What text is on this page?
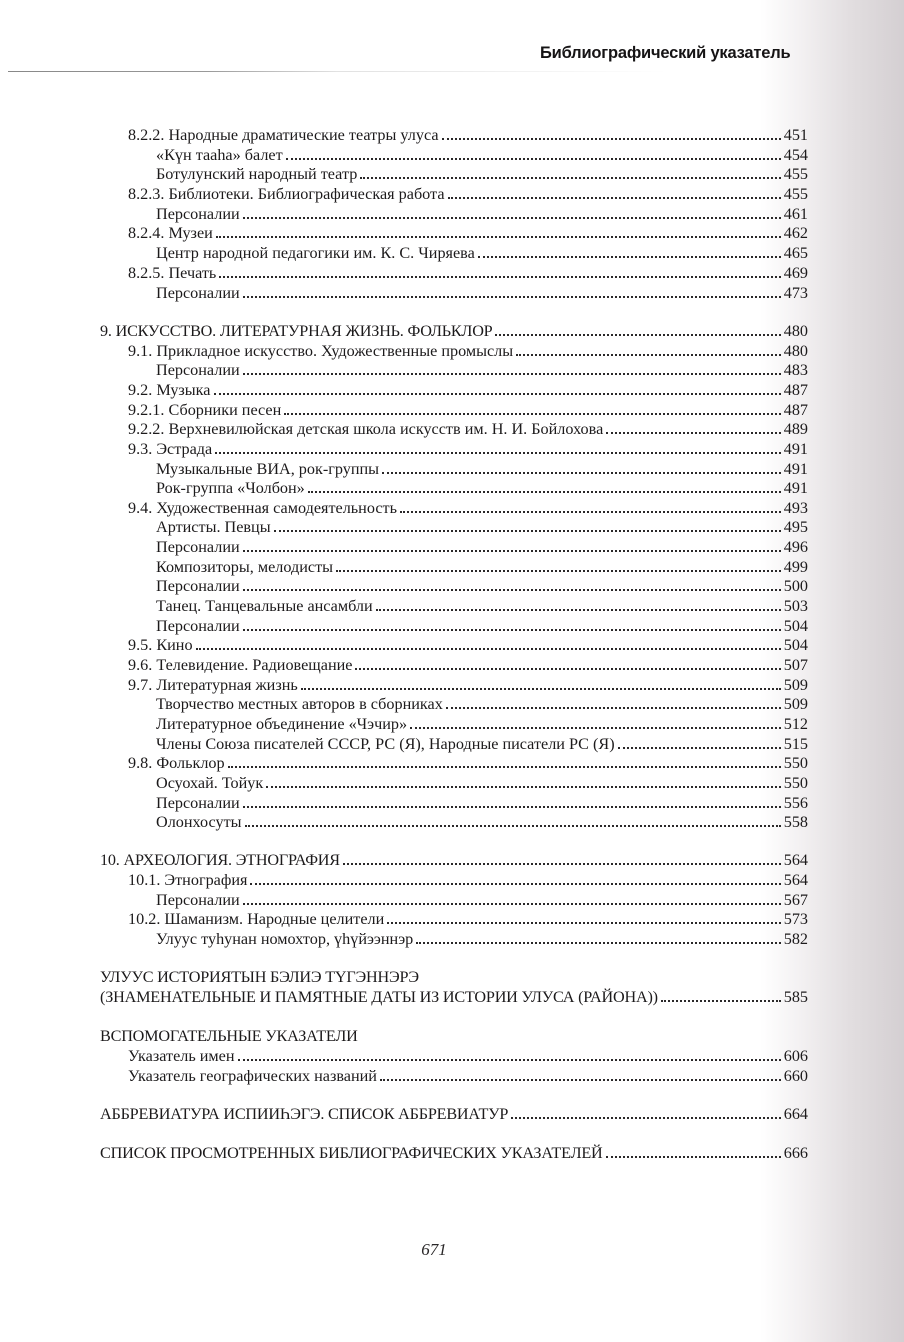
Библиографический указатель
8.2.2. Народные драматические театры улуса	451
«Күн тааһа» балет	454
Ботулунский народный театр	455
8.2.3. Библиотеки. Библиографическая работа	455
Персоналии	461
8.2.4. Музеи	462
Центр народной педагогики им. К. С. Чиряева	465
8.2.5. Печать	469
Персоналии	473
9. ИСКУССТВО. ЛИТЕРАТУРНАЯ ЖИЗНЬ. ФОЛЬКЛОР	480
9.1. Прикладное искусство. Художественные промыслы	480
Персоналии	483
9.2. Музыка	487
9.2.1. Сборники песен	487
9.2.2. Верхневилюйская детская школа искусств им. Н. И. Бойлохова	489
9.3. Эстрада	491
Музыкальные ВИА, рок-группы	491
Рок-группа «Чолбон»	491
9.4. Художественная самодеятельность	493
Артисты. Певцы	495
Персоналии	496
Композиторы, мелодисты	499
Персоналии	500
Танец. Танцевальные ансамбли	503
Персоналии	504
9.5. Кино	504
9.6. Телевидение. Радиовещание	507
9.7. Литературная жизнь	509
Творчество местных авторов в сборниках	509
Литературное объединение «Чэчир»	512
Члены Союза писателей СССР, РС (Я), Народные писатели РС (Я)	515
9.8. Фольклор	550
Осуохай. Тойук	550
Персоналии	556
Олонхосуты	558
10. АРХЕОЛОГИЯ. ЭТНОГРАФИЯ	564
10.1. Этнография	564
Персоналии	567
10.2. Шаманизм. Народные целители	573
Улуус туһунан номохтор, үһүйээннэр	582
УЛУУС ИСТОРИЯТЫН БЭЛИЭ ТҮГЭННЭРЭ
(ЗНАМЕНАТЕЛЬНЫЕ И ПАМЯТНЫЕ ДАТЫ ИЗ ИСТОРИИ УЛУСА (РАЙОНА))	585
ВСПОМОГАТЕЛЬНЫЕ УКАЗАТЕЛИ
Указатель имен	606
Указатель географических названий	660
АББРЕВИАТУРА ИСПИИҺЭГЭ. СПИСОК АББРЕВИАТУР	664
СПИСОК ПРОСМОТРЕННЫХ БИБЛИОГРАФИЧЕСКИХ УКАЗАТЕЛЕЙ	666
671
